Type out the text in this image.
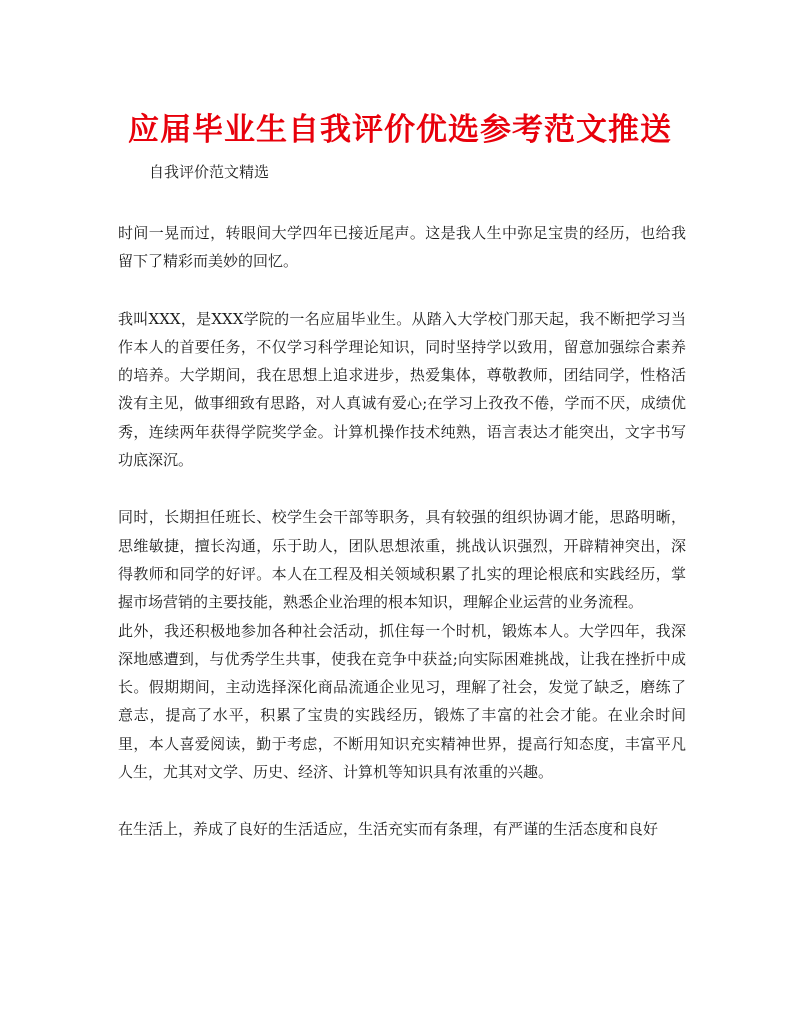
应届毕业生自我评价优选参考范文推送

自我评价范文精选

时间一晃而过，转眼间大学四年已接近尾声。这是我人生中弥足宝贵的经历，也给我留下了精彩而美妙的回忆。

我叫XXX，是XXX学院的一名应届毕业生。从踏入大学校门那天起，我不断把学习当作本人的首要任务，不仅学习科学理论知识，同时坚持学以致用，留意加强综合素养的培养。大学期间，我在思想上追求进步，热爱集体，尊敬教师，团结同学，性格活泼有主见，做事细致有思路，对人真诚有爱心;在学习上孜孜不倦，学而不厌，成绩优秀，连续两年获得学院奖学金。计算机操作技术纯熟，语言表达才能突出，文字书写功底深沉。

同时，长期担任班长、校学生会干部等职务，具有较强的组织协调才能，思路明晰，思维敏捷，擅长沟通，乐于助人，团队思想浓重，挑战认识强烈，开辟精神突出，深得教师和同学的好评。本人在工程及相关领域积累了扎实的理论根底和实践经历，掌握市场营销的主要技能，熟悉企业治理的根本知识，理解企业运营的业务流程。

此外，我还积极地参加各种社会活动，抓住每一个时机，锻炼本人。大学四年，我深深地感遭到，与优秀学生共事，使我在竞争中获益;向实际困难挑战，让我在挫折中成长。假期期间，主动选择深化商品流通企业见习，理解了社会，发觉了缺乏，磨练了意志，提高了水平，积累了宝贵的实践经历，锻炼了丰富的社会才能。在业余时间里，本人喜爱阅读，勤于考虑，不断用知识充实精神世界，提高行知态度，丰富平凡人生，尤其对文学、历史、经济、计算机等知识具有浓重的兴趣。

在生活上，养成了良好的生活适应，生活充实而有条理，有严谨的生活态度和良好
